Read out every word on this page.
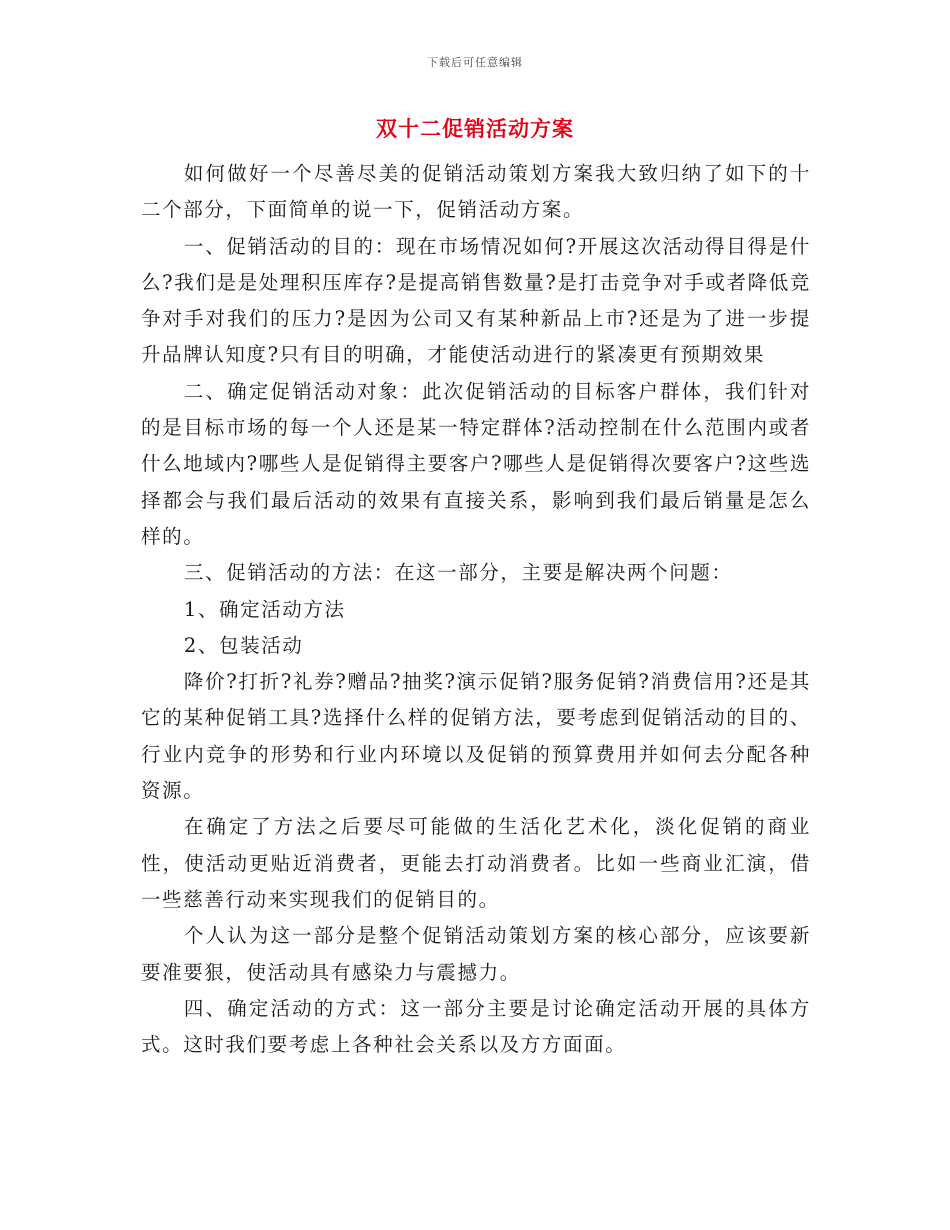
下载后可任意编辑
双十二促销活动方案

如何做好一个尽善尽美的促销活动策划方案我大致归纳了如下的十二个部分，下面简单的说一下，促销活动方案。

一、促销活动的目的：现在市场情况如何?开展这次活动得目得是什么?我们是是处理积压库存?是提高销售数量?是打击竞争对手或者降低竞争对手对我们的压力?是因为公司又有某种新品上市?还是为了进一步提升品牌认知度?只有目的明确，才能使活动进行的紧凑更有预期效果

二、确定促销活动对象：此次促销活动的目标客户群体，我们针对的是目标市场的每一个人还是某一特定群体?活动控制在什么范围内或者什么地域内?哪些人是促销得主要客户?哪些人是促销得次要客户?这些选择都会与我们最后活动的效果有直接关系，影响到我们最后销量是怎么样的。

三、促销活动的方法：在这一部分，主要是解决两个问题：

1、确定活动方法

2、包装活动

降价?打折?礼券?赠品?抽奖?演示促销?服务促销?消费信用?还是其它的某种促销工具?选择什么样的促销方法，要考虑到促销活动的目的、行业内竞争的形势和行业内环境以及促销的预算费用并如何去分配各种资源。

在确定了方法之后要尽可能做的生活化艺术化，淡化促销的商业性，使活动更贴近消费者，更能去打动消费者。比如一些商业汇演，借一些慈善行动来实现我们的促销目的。

个人认为这一部分是整个促销活动策划方案的核心部分，应该要新要准要狠，使活动具有感染力与震撼力。

四、确定活动的方式：这一部分主要是讨论确定活动开展的具体方式。这时我们要考虑上各种社会关系以及方方面面。
